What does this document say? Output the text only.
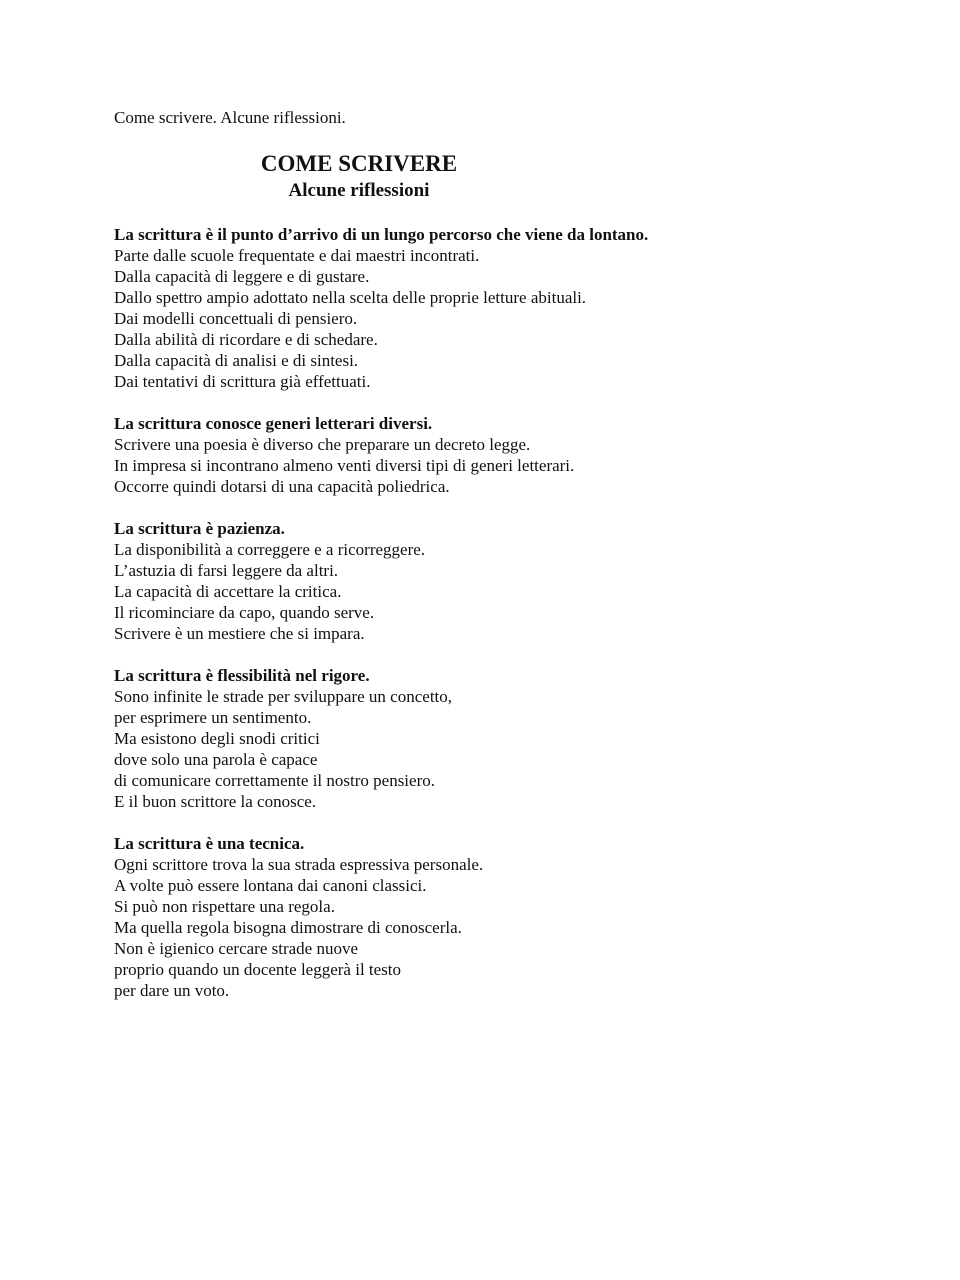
Come scrivere. Alcune riflessioni.
COME SCRIVERE
Alcune riflessioni
La scrittura è il punto d’arrivo di un lungo percorso che viene da lontano.
Parte dalle scuole frequentate e dai maestri incontrati.
Dalla capacità di leggere e di gustare.
Dallo spettro ampio adottato nella scelta delle proprie letture abituali.
Dai modelli concettuali di pensiero.
Dalla abilità di ricordare e di schedare.
Dalla capacità di analisi e di sintesi.
Dai tentativi di scrittura già effettuati.
La scrittura conosce generi letterari diversi.
Scrivere una poesia è diverso che preparare un decreto legge.
In impresa si incontrano almeno venti diversi tipi di generi letterari.
Occorre quindi dotarsi di una capacità poliedrica.
La scrittura è pazienza.
La disponibilità a correggere e a ricorreggere.
L’astuzia di farsi leggere da altri.
La capacità di accettare la critica.
Il ricominciare da capo, quando serve.
Scrivere è un mestiere che si impara.
La scrittura è flessibilità nel rigore.
Sono infinite le strade per sviluppare un concetto,
per esprimere un sentimento.
Ma esistono degli snodi critici
dove solo una parola è capace
di comunicare correttamente il nostro pensiero.
E il buon scrittore la conosce.
La scrittura è una tecnica.
Ogni scrittore trova la sua strada espressiva personale.
A volte può essere lontana dai canoni classici.
Si può non rispettare una regola.
Ma quella regola bisogna dimostrare di conoscerla.
Non è igienico cercare strade nuove
proprio quando un docente leggerà il testo
per dare un voto.
